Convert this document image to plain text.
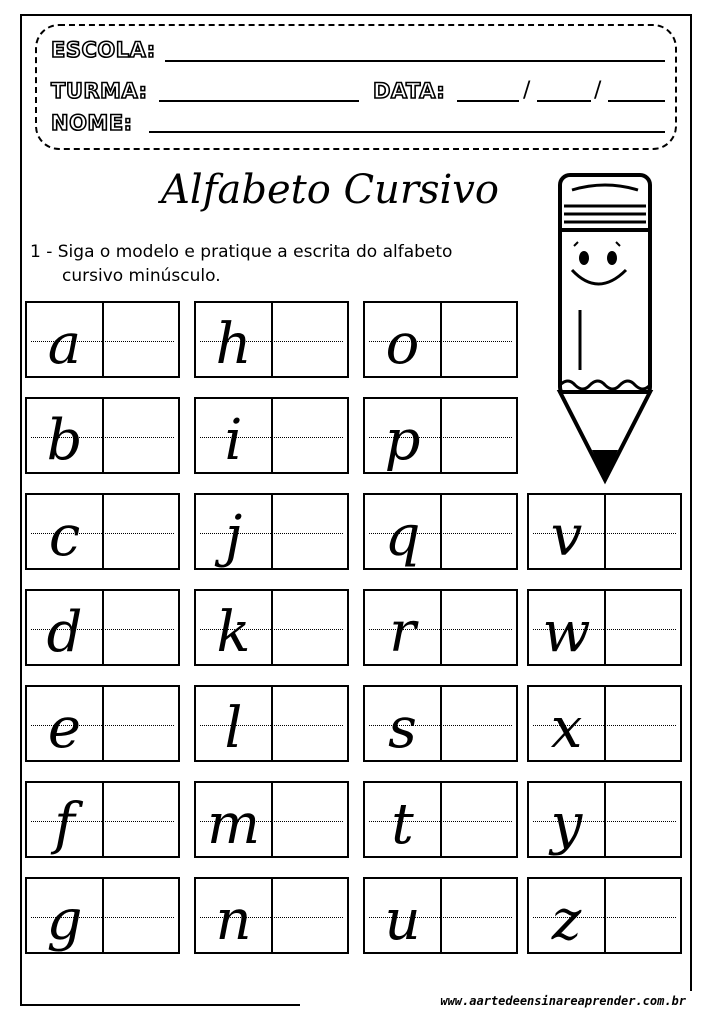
ESCOLA:
TURMA:	DATA:	/	/
NOME:
Alfabeto Cursivo
1 - Siga o modelo e pratique a escrita do alfabeto
cursivo minúsculo.
a
b
c
d
e
f
g
h
i
j
k
l
m
n
o
p
q
r
s
t
u
v
w
x
y
z
www.aartedeensinareaprender.com.br
